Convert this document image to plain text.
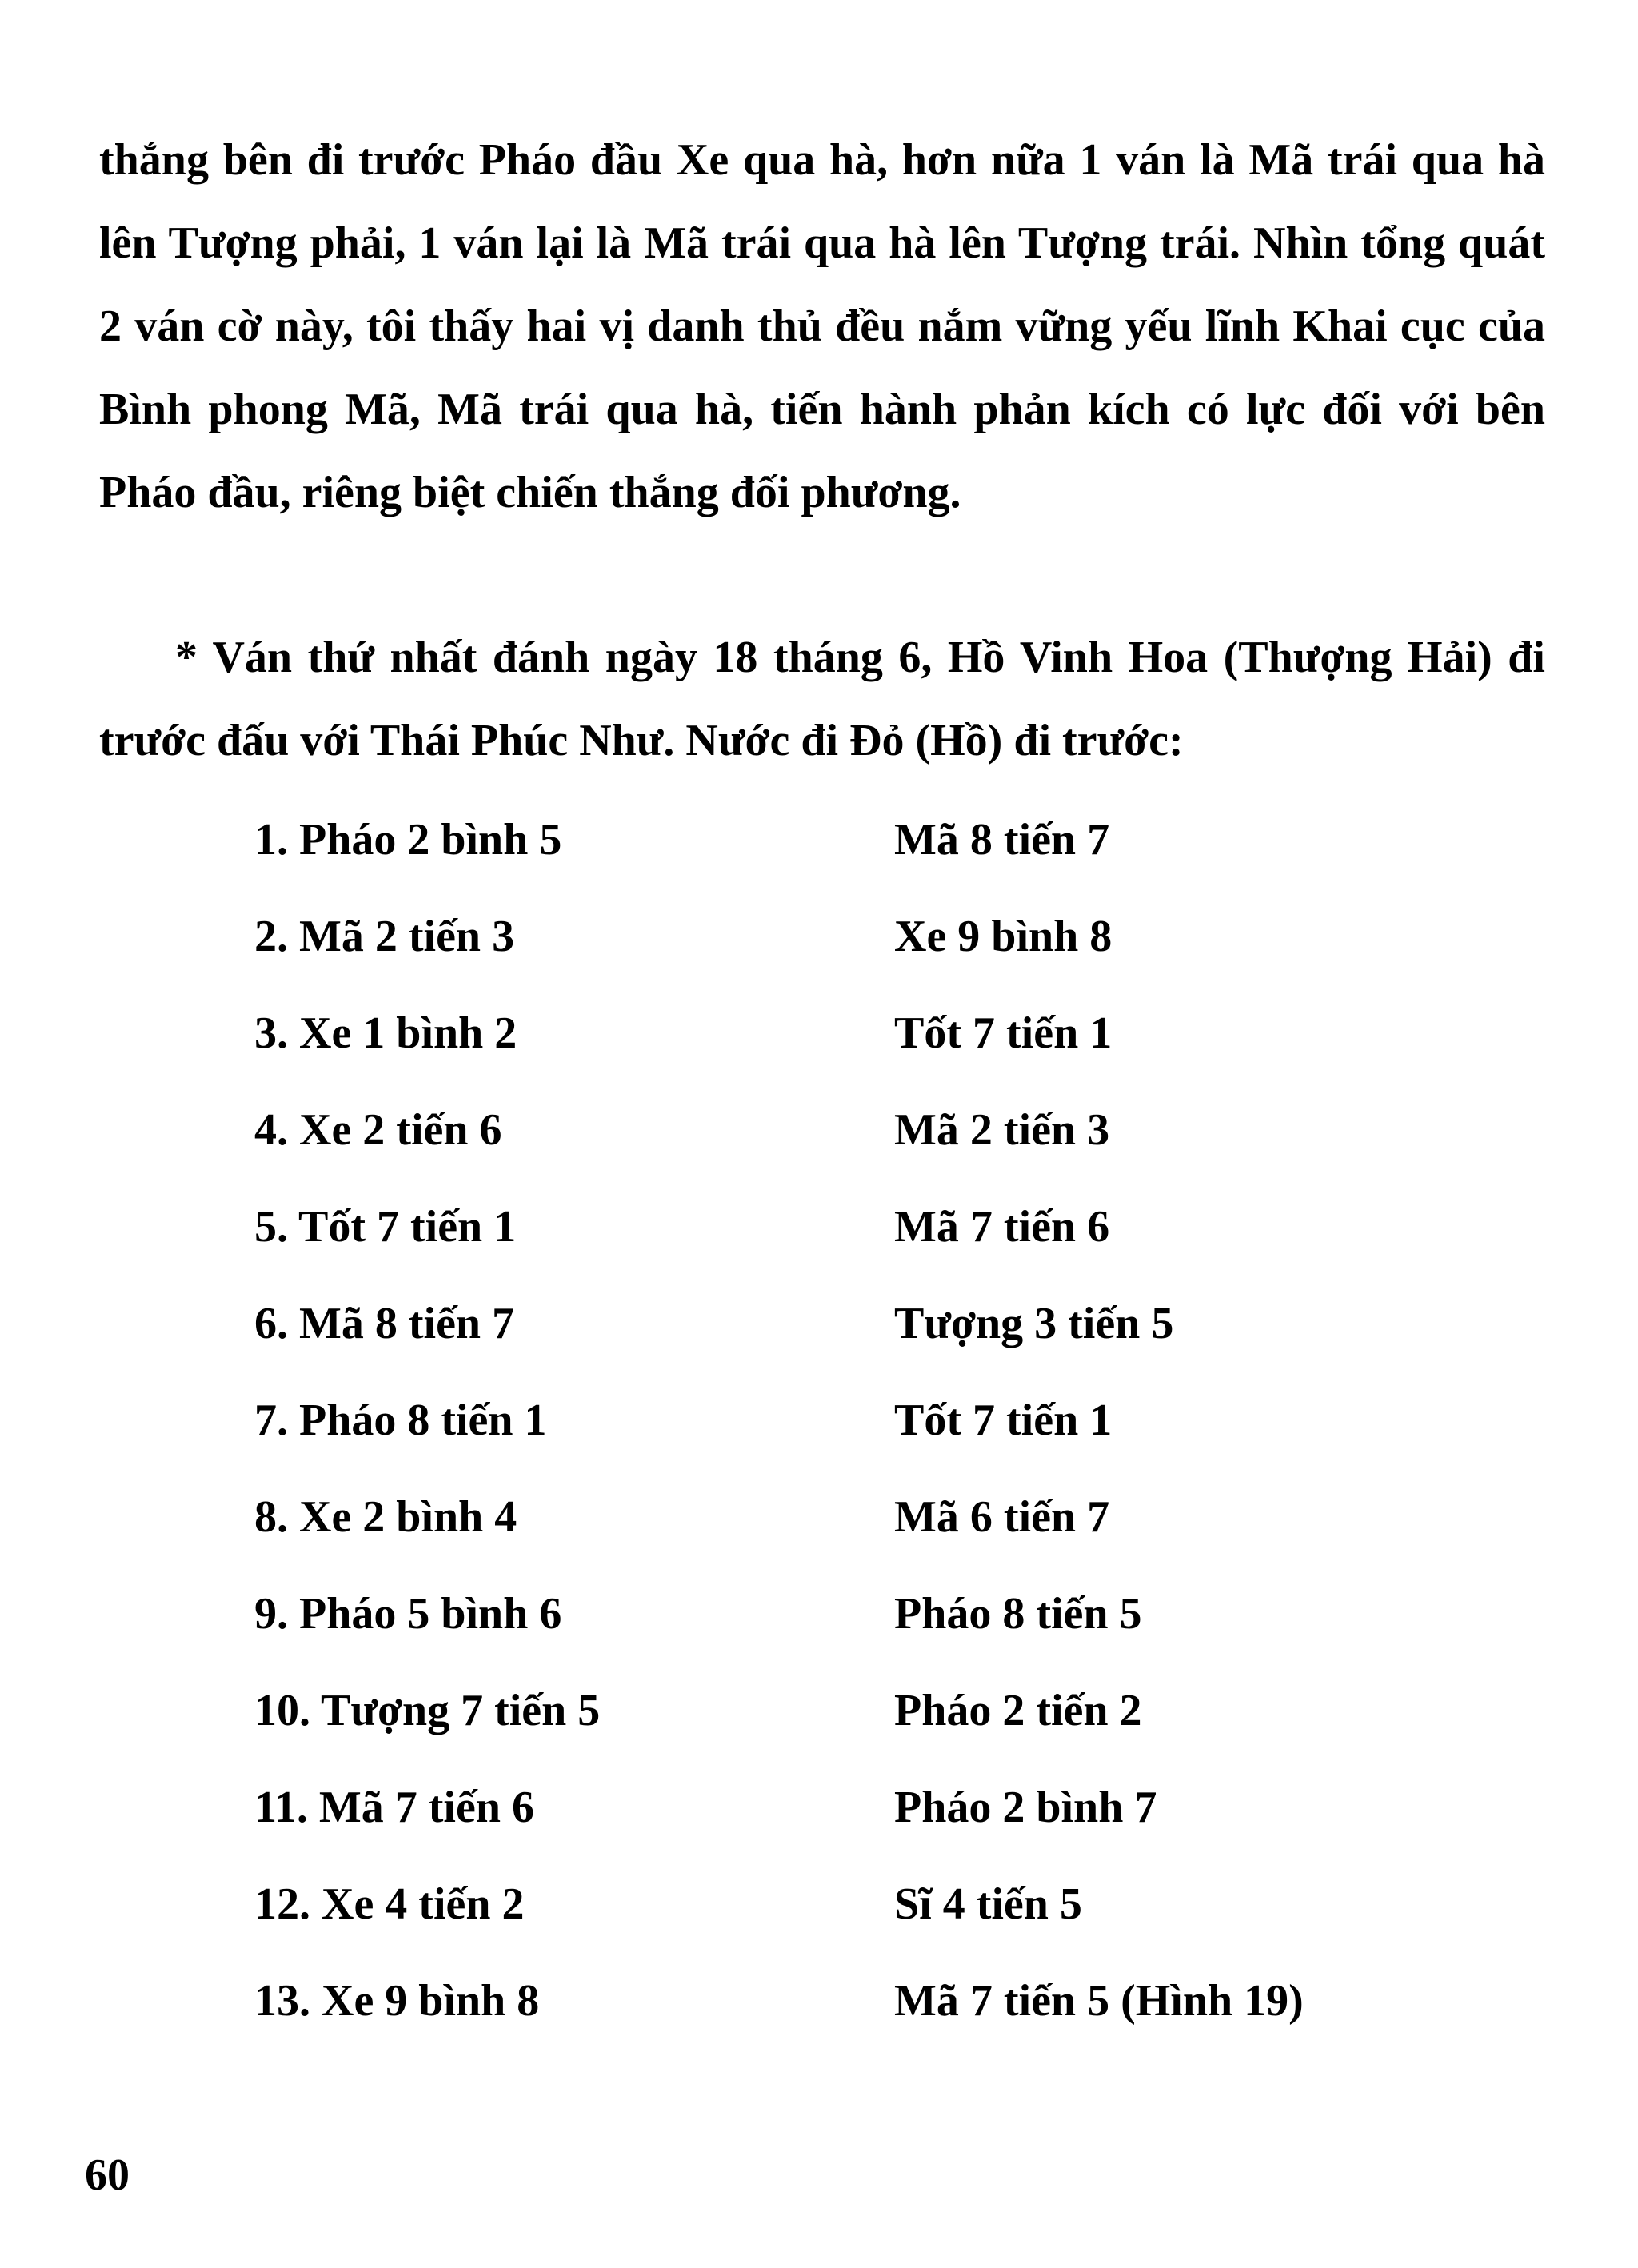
thắng bên đi trước Pháo đầu Xe qua hà, hơn nữa 1 ván là Mã trái qua hà lên Tượng phải, 1 ván lại là Mã trái qua hà lên Tượng trái. Nhìn tổng quát 2 ván cờ này, tôi thấy hai vị danh thủ đều nắm vững yếu lĩnh Khai cục của Bình phong Mã, Mã trái qua hà, tiến hành phản kích có lực đối với bên Pháo đầu, riêng biệt chiến thắng đối phương.

* Ván thứ nhất đánh ngày 18 tháng 6, Hồ Vinh Hoa (Thượng Hải) đi trước đấu với Thái Phúc Như. Nước đi Đỏ (Hồ) đi trước:

1. Pháo 2 bình 5	Mã 8 tiến 7
2. Mã 2 tiến 3	Xe 9 bình 8
3. Xe 1 bình 2	Tốt 7 tiến 1
4. Xe 2 tiến 6	Mã 2 tiến 3
5. Tốt 7 tiến 1	Mã 7 tiến 6
6. Mã 8 tiến 7	Tượng 3 tiến 5
7. Pháo 8 tiến 1	Tốt 7 tiến 1
8. Xe 2 bình 4	Mã 6 tiến 7
9. Pháo 5 bình 6	Pháo 8 tiến 5
10. Tượng 7 tiến 5	Pháo 2 tiến 2
11. Mã 7 tiến 6	Pháo 2 bình 7
12. Xe 4 tiến 2	Sĩ 4 tiến 5
13. Xe 9 bình 8	Mã 7 tiến 5 (Hình 19)
60
